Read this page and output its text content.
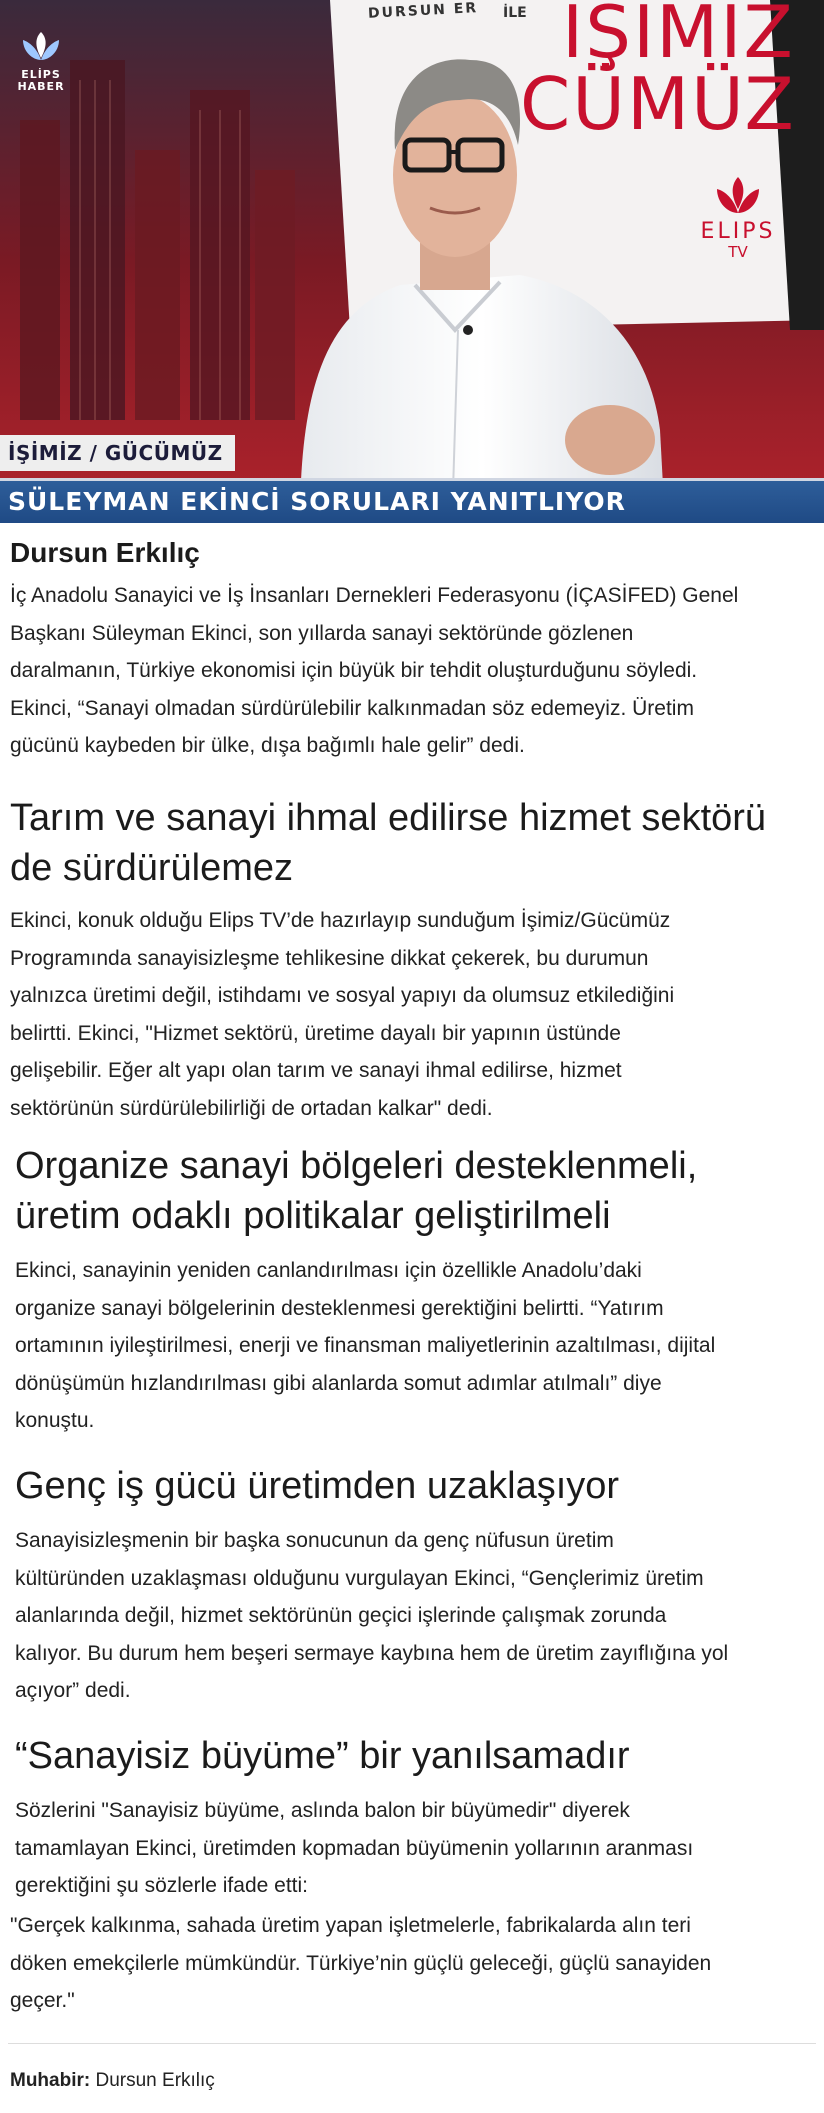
ELİPS HABER
DURSUN ER İLE IŞIMIZ
CÜMÜZ
ELIPS
TV
İŞİMİZ / GÜCÜMÜZ
SÜLEYMAN EKİNCİ SORULARI YANITLIYOR
Dursun Erkılıç
İç Anadolu Sanayici ve İş İnsanları Dernekleri Federasyonu (İÇASİFED) Genel
Başkanı Süleyman Ekinci, son yıllarda sanayi sektöründe gözlenen
daralmanın, Türkiye ekonomisi için büyük bir tehdit oluşturduğunu söyledi.
Ekinci, “Sanayi olmadan sürdürülebilir kalkınmadan söz edemeyiz. Üretim
gücünü kaybeden bir ülke, dışa bağımlı hale gelir” dedi.
Tarım ve sanayi ihmal edilirse hizmet sektörü
de sürdürülemez
Ekinci, konuk olduğu Elips TV’de hazırlayıp sunduğum İşimiz/Gücümüz
Programında sanayisizleşme tehlikesine dikkat çekerek, bu durumun
yalnızca üretimi değil, istihdamı ve sosyal yapıyı da olumsuz etkilediğini
belirtti. Ekinci, "Hizmet sektörü, üretime dayalı bir yapının üstünde
gelişebilir. Eğer alt yapı olan tarım ve sanayi ihmal edilirse, hizmet
sektörünün sürdürülebilirliği de ortadan kalkar" dedi.
Organize sanayi bölgeleri desteklenmeli,
üretim odaklı politikalar geliştirilmeli
Ekinci, sanayinin yeniden canlandırılması için özellikle Anadolu’daki
organize sanayi bölgelerinin desteklenmesi gerektiğini belirtti. “Yatırım
ortamının iyileştirilmesi, enerji ve finansman maliyetlerinin azaltılması, dijital
dönüşümün hızlandırılması gibi alanlarda somut adımlar atılmalı” diye
konuştu.
Genç iş gücü üretimden uzaklaşıyor
Sanayisizleşmenin bir başka sonucunun da genç nüfusun üretim
kültüründen uzaklaşması olduğunu vurgulayan Ekinci, “Gençlerimiz üretim
alanlarında değil, hizmet sektörünün geçici işlerinde çalışmak zorunda
kalıyor. Bu durum hem beşeri sermaye kaybına hem de üretim zayıflığına yol
açıyor” dedi.
“Sanayisiz büyüme” bir yanılsamadır
Sözlerini "Sanayisiz büyüme, aslında balon bir büyümedir" diyerek
tamamlayan Ekinci, üretimden kopmadan büyümenin yollarının aranması
gerektiğini şu sözlerle ifade etti:
"Gerçek kalkınma, sahada üretim yapan işletmelerle, fabrikalarda alın teri
döken emekçilerle mümkündür. Türkiye’nin güçlü geleceği, güçlü sanayiden
geçer."
Muhabir: Dursun Erkılıç
